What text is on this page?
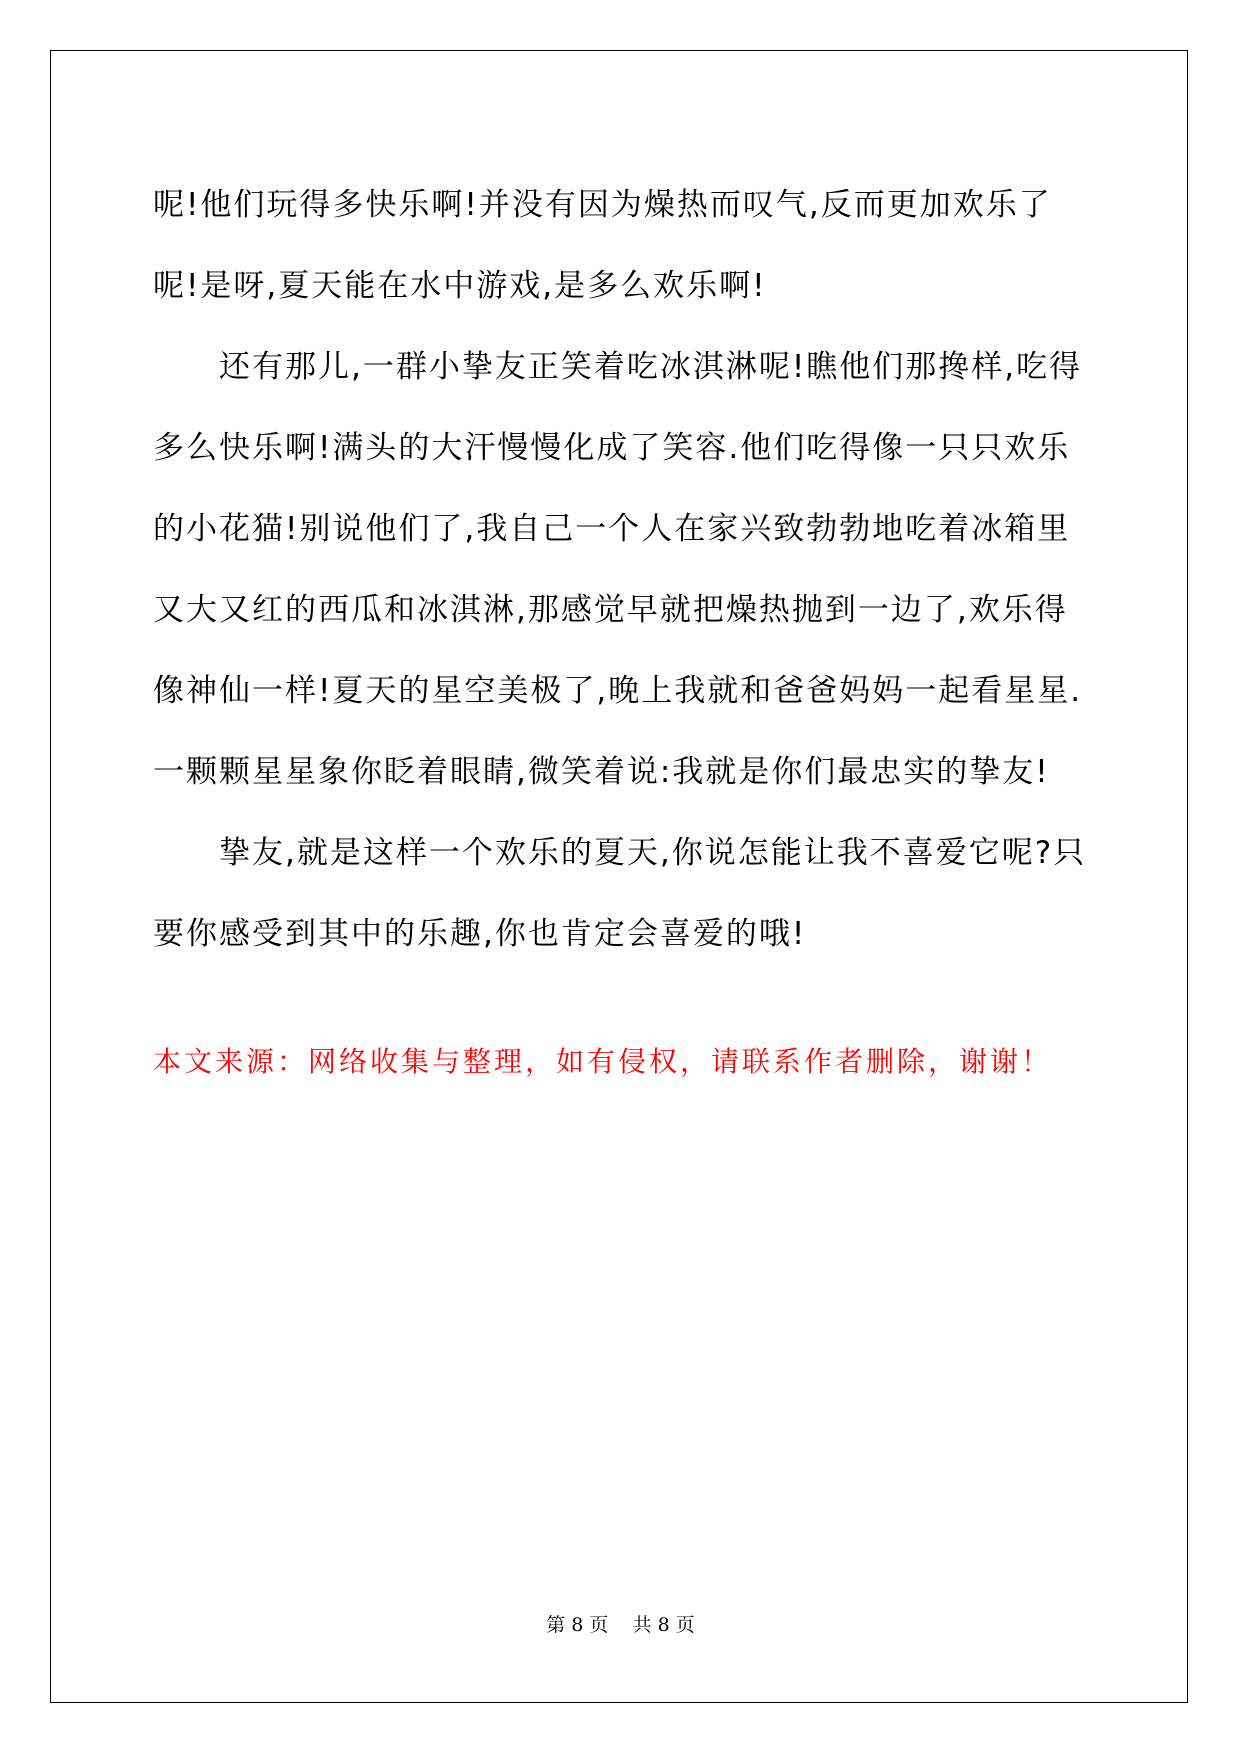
呢!他们玩得多快乐啊!并没有因为燥热而叹气,反而更加欢乐了呢!是呀,夏天能在水中游戏,是多么欢乐啊!

还有那儿,一群小挚友正笑着吃冰淇淋呢!瞧他们那搀样,吃得多么快乐啊!满头的大汗慢慢化成了笑容.他们吃得像一只只欢乐的小花猫!别说他们了,我自己一个人在家兴致勃勃地吃着冰箱里又大又红的西瓜和冰淇淋,那感觉早就把燥热抛到一边了,欢乐得像神仙一样!夏天的星空美极了,晚上我就和爸爸妈妈一起看星星.一颗颗星星象你眨着眼睛,微笑着说:我就是你们最忠实的挚友!

挚友,就是这样一个欢乐的夏天,你说怎能让我不喜爱它呢?只要你感受到其中的乐趣,你也肯定会喜爱的哦!

本文来源：网络收集与整理，如有侵权，请联系作者删除，谢谢！

第 8 页    共 8 页
